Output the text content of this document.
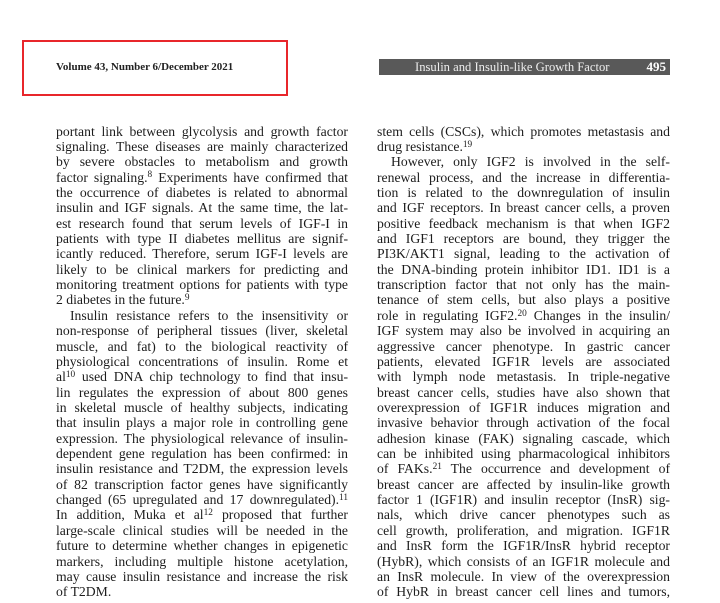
Volume 43, Number 6/December 2021	Insulin and Insulin-like Growth Factor	495
portant link between glycolysis and growth factor
signaling. These diseases are mainly characterized
by severe obstacles to metabolism and growth
factor signaling.$^8$ Experiments have confirmed that
the occurrence of diabetes is related to abnormal
insulin and IGF signals. At the same time, the lat-
est research found that serum levels of IGF-I in
patients with type II diabetes mellitus are signif-
icantly reduced. Therefore, serum IGF-I levels are
likely to be clinical markers for predicting and
monitoring treatment options for patients with type
2 diabetes in the future.$^9$
Insulin resistance refers to the insensitivity or
non-response of peripheral tissues (liver, skeletal
muscle, and fat) to the biological reactivity of
physiological concentrations of insulin. Rome et
$al^{10}$ used DNA chip technology to find that insu-
lin regulates the expression of about 800 genes
in skeletal muscle of healthy subjects, indicating
that insulin plays a major role in controlling gene
expression. The physiological relevance of insulin-
dependent gene regulation has been confirmed: in
insulin resistance and T2DM, the expression levels
of 82 transcription factor genes have significantly
changed (65 upregulated and 17 downregulated).$^{11}$
In addition, Muka et $al^{12}$ proposed that further
large-scale clinical studies will be needed in the
future to determine whether changes in epigenetic
markers, including multiple histone acetylation,
may cause insulin resistance and increase the risk
of T2DM.
stem cells (CSCs), which promotes metastasis and
drug resistance.$^{19}$
However, only IGF2 is involved in the self-
renewal process, and the increase in differentia-
tion is related to the downregulation of insulin
and IGF receptors. In breast cancer cells, a proven
positive feedback mechanism is that when IGF2
and IGF1 receptors are bound, they trigger the
PI3K/AKT1 signal, leading to the activation of
the DNA-binding protein inhibitor ID1. ID1 is a
transcription factor that not only has the main-
tenance of stem cells, but also plays a positive
role in regulating IGF2.20 Changes in the insulin/
IGF system may also be involved in acquiring an
aggressive cancer phenotype. In gastric cancer
patients, elevated IGF1R levels are associated
with lymph node metastasis. In triple-negative
breast cancer cells, studies have also shown that
overexpression of IGF1R induces migration and
invasive behavior through activation of the focal
adhesion kinase (FAK) signaling cascade, which
can be inhibited using pharmacological inhibitors
of FAKs.$^{21}$ The occurrence and development of
breast cancer are affected by insulin-like growth
factor 1 (IGF1R) and insulin receptor (InsR) sig-
nals, which drive cancer phenotypes such as
cell growth, proliferation, and migration. IGF1R
and InsR form the IGF1R/InsR hybrid receptor
(HybR), which consists of an IGF1R molecule and
an InsR molecule. In view of the overexpression
of HybR in breast cancer cell lines and tumors,
